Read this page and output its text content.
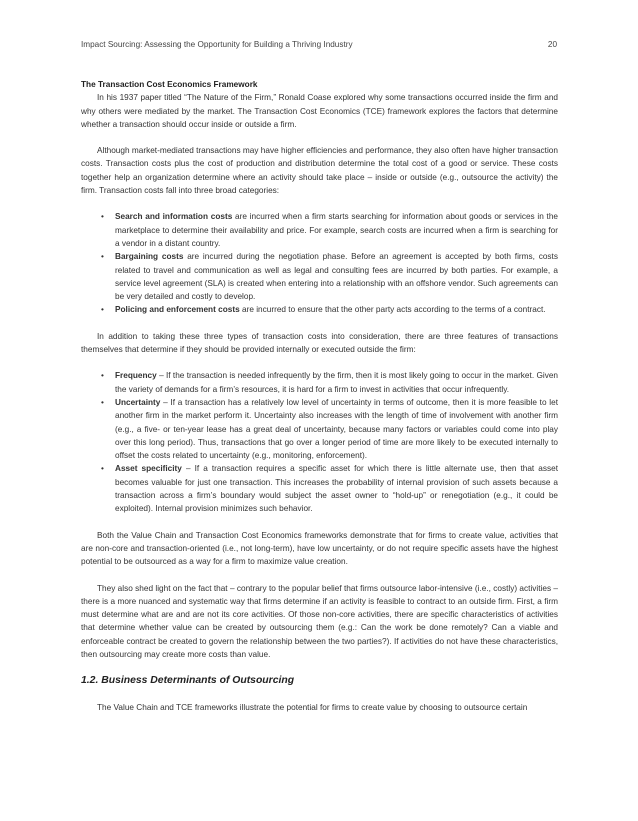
Impact Sourcing: Assessing the Opportunity for Building a Thriving Industry	20

The Transaction Cost Economics Framework

In his 1937 paper titled “The Nature of the Firm,” Ronald Coase explored why some transactions occurred inside the firm and why others were mediated by the market. The Transaction Cost Economics (TCE) framework explores the factors that determine whether a transaction should occur inside or outside a firm.

Although market-mediated transactions may have higher efficiencies and performance, they also often have higher transaction costs. Transaction costs plus the cost of production and distribution determine the total cost of a good or service. These costs together help an organization determine where an activity should take place – inside or outside (e.g., outsource the activity) the firm. Transaction costs fall into three broad categories:

• Search and information costs are incurred when a firm starts searching for information about goods or services in the marketplace to determine their availability and price. For example, search costs are incurred when a firm is searching for a vendor in a distant country.
• Bargaining costs are incurred during the negotiation phase. Before an agreement is accepted by both firms, costs related to travel and communication as well as legal and consulting fees are incurred by both parties. For example, a service level agreement (SLA) is created when entering into a relationship with an offshore vendor. Such agreements can be very detailed and costly to develop.
• Policing and enforcement costs are incurred to ensure that the other party acts according to the terms of a contract.

In addition to taking these three types of transaction costs into consideration, there are three features of transactions themselves that determine if they should be provided internally or executed outside the firm:

• Frequency – If the transaction is needed infrequently by the firm, then it is most likely going to occur in the market. Given the variety of demands for a firm’s resources, it is hard for a firm to invest in activities that occur infrequently.
• Uncertainty – If a transaction has a relatively low level of uncertainty in terms of outcome, then it is more feasible to let another firm in the market perform it. Uncertainty also increases with the length of time of involvement with another firm (e.g., a five- or ten-year lease has a great deal of uncertainty, because many factors or variables could come into play over this long period). Thus, transactions that go over a longer period of time are more likely to be executed internally to offset the costs related to uncertainty (e.g., monitoring, enforcement).
• Asset specificity – If a transaction requires a specific asset for which there is little alternate use, then that asset becomes valuable for just one transaction. This increases the probability of internal provision of such assets because a transaction across a firm’s boundary would subject the asset owner to “hold-up” or renegotiation (e.g., it could be exploited). Internal provision minimizes such behavior.

Both the Value Chain and Transaction Cost Economics frameworks demonstrate that for firms to create value, activities that are non-core and transaction-oriented (i.e., not long-term), have low uncertainty, or do not require specific assets have the highest potential to be outsourced as a way for a firm to maximize value creation.

They also shed light on the fact that – contrary to the popular belief that firms outsource labor-intensive (i.e., costly) activities – there is a more nuanced and systematic way that firms determine if an activity is feasible to contract to an outside firm. First, a firm must determine what are and are not its core activities. Of those non-core activities, there are specific characteristics of activities that determine whether value can be created by outsourcing them (e.g.: Can the work be done remotely? Can a viable and enforceable contract be created to govern the relationship between the two parties?). If activities do not have these characteristics, then outsourcing may create more costs than value.

1.2. Business Determinants of Outsourcing

The Value Chain and TCE frameworks illustrate the potential for firms to create value by choosing to outsource certain
